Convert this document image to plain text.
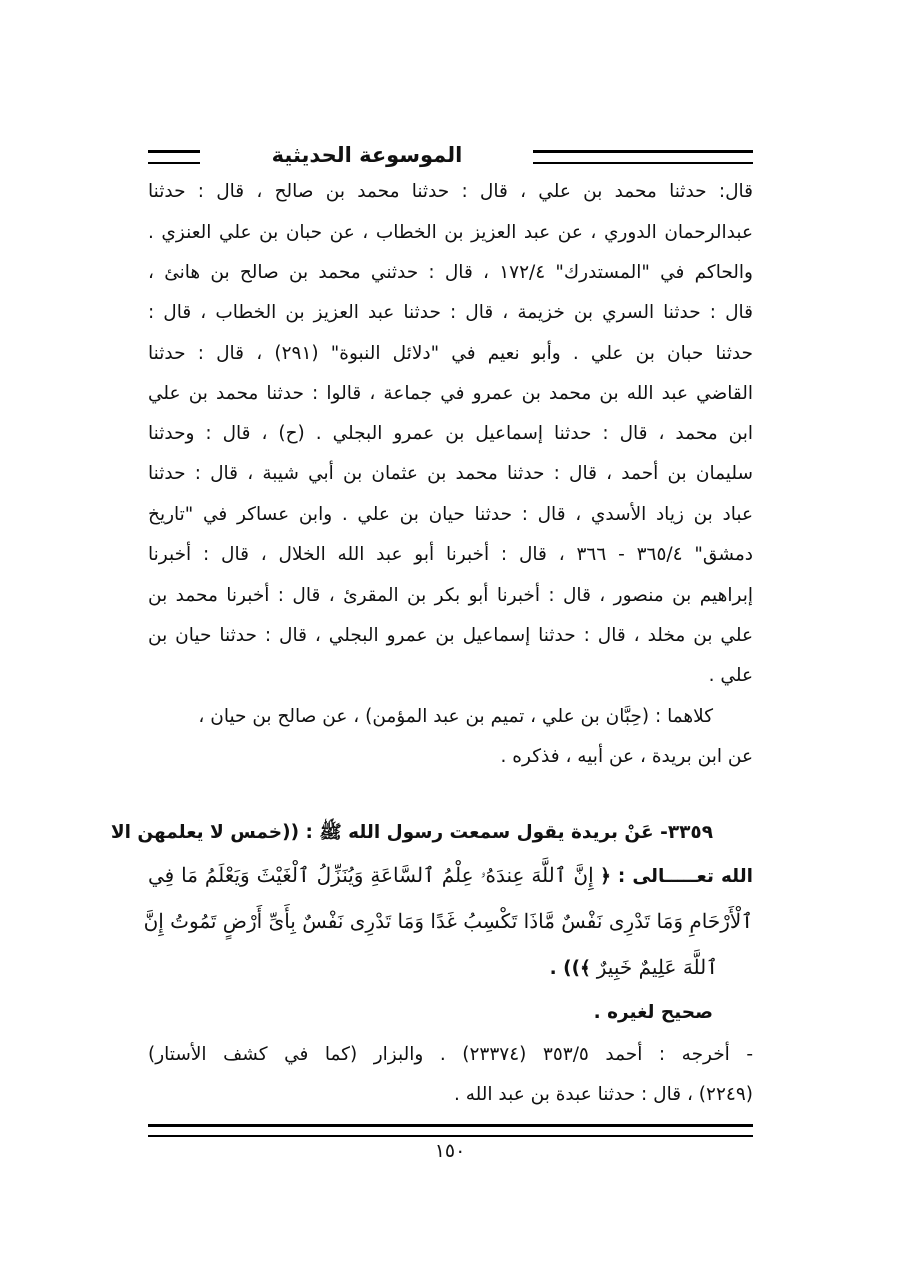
الموسوعة الحديثية
قال: حدثنا محمد بن علي ، قال : حدثنا محمد بن صالح ، قال : حدثنا
عبدالرحمان الدوري ، عن عبد العزيز بن الخطاب ، عن حبان بن علي العنزي .
والحاكم في "المستدرك" ١٧٢/٤ ، قال : حدثني محمد بن صالح بن هانئ ،
قال : حدثنا السري بن خزيمة ، قال : حدثنا عبد العزيز بن الخطاب ، قال :
حدثنا حبان بن علي . وأبو نعيم في "دلائل النبوة" (٢٩١) ، قال : حدثنا
القاضي عبد الله بن محمد بن عمرو في جماعة ، قالوا : حدثنا محمد بن علي
ابن محمد ، قال : حدثنا إسماعيل بن عمرو البجلي . (ح) ، قال : وحدثنا
سليمان بن أحمد ، قال : حدثنا محمد بن عثمان بن أبي شيبة ، قال : حدثنا
عباد بن زياد الأسدي ، قال : حدثنا حيان بن علي . وابن عساكر في "تاريخ
دمشق" ٣٦٥/٤ - ٣٦٦ ، قال : أخبرنا أبو عبد الله الخلال ، قال : أخبرنا
إبراهيم بن منصور ، قال : أخبرنا أبو بكر بن المقرئ ، قال : أخبرنا محمد بن
علي بن مخلد ، قال : حدثنا إسماعيل بن عمرو البجلي ، قال : حدثنا حيان بن
علي .
كلاهما : (حِبَّان بن علي ، تميم بن عبد المؤمن) ، عن صالح بن حيان ،
عن ابن بريدة ، عن أبيه ، فذكره .
٣٣٥٩- عَنْ بريدة يقول سمعت رسول الله ﷺ : ((خمس لا يعلمهن الا
الله تعـــــالى : ﴿ إِنَّ ٱللَّهَ عِندَهُۥ عِلْمُ ٱلسَّاعَةِ وَيُنَزِّلُ ٱلْغَيْثَ وَيَعْلَمُ مَا فِي
ٱلْأَرْحَامِ وَمَا تَدْرِى نَفْسٌ مَّاذَا تَكْسِبُ غَدًا وَمَا تَدْرِى نَفْسٌ بِأَىِّ أَرْضٍ تَمُوتُ إِنَّ
ٱللَّهَ عَلِيمٌ خَبِيرٌ ﴾)) .
صحيح لغيره .
- أخرجه : أحمد ٣٥٣/٥ (٢٣٣٧٤) . والبزار (كما في كشف الأستار)
(٢٢٤٩) ، قال : حدثنا عبدة بن عبد الله .
١٥٠
